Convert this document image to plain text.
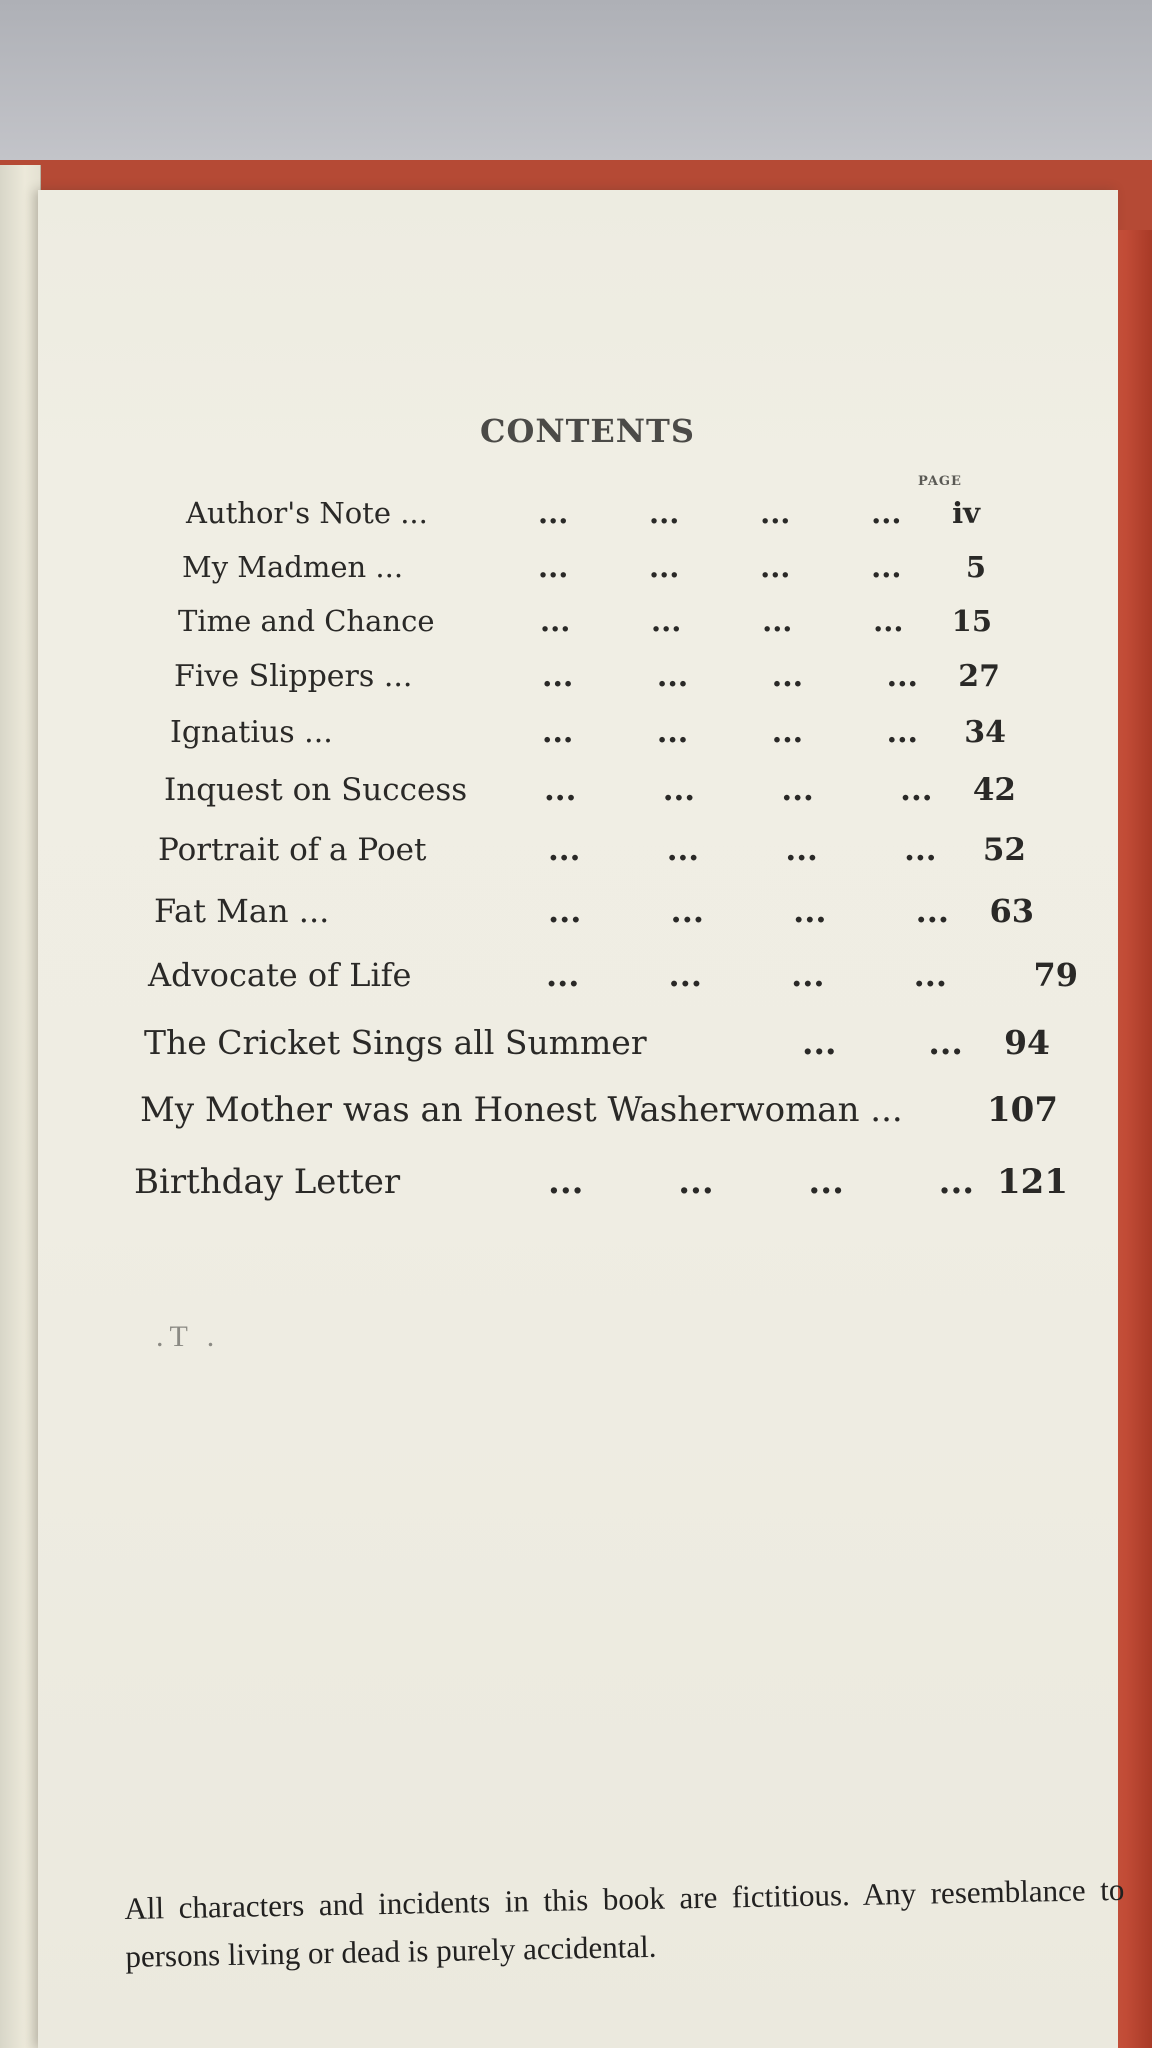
CONTENTS
PAGE
Author's Note ...	...        ...        ...        ... iv
My Madmen ...	...        ...        ...        ... 5
Time and Chance	...        ...        ...        ... 15
Five Slippers ...	...        ...        ...        ... 27
Ignatius ...	...        ...        ...        ... 34
Inquest on Success ...        ...        ...        ... 42
Portrait of a Poet	...        ...        ...        ... 52
Fat Man ...	...        ...        ...        ... 63
Advocate of Life	...        ...        ...        ...	79
The Cricket Sings all Summer	...        ... 94
My Mother was an Honest Washerwoman ... 107
Birthday Letter	...        ...        ...        ... 121
.T .
All characters and incidents in this book are fictitious. Any resemblance to persons living or dead is purely accidental.
